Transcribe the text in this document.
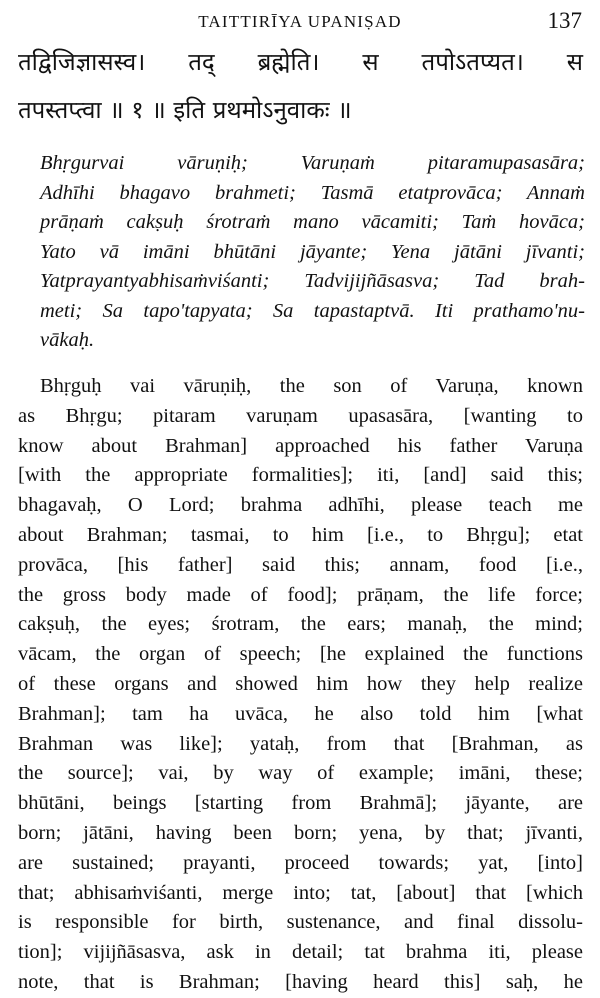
TAITTIRĪYA UPANIṢAD	137
तद्विजिज्ञासस्व। तद् ब्रह्मेति। स तपोऽतप्यत। स
तपस्तप्त्वा ॥ १ ॥ इति प्रथमोऽनुवाकः ॥
Bhṛgurvai vāruṇiḥ; Varuṇaṁ pitaramupasasāra;
Adhīhi bhagavo brahmeti; Tasmā etatprovāca; Annaṁ
prāṇaṁ cakṣuḥ śrotraṁ mano vācamiti; Taṁ hovāca;
Yato vā imāni bhūtāni jāyante; Yena jātāni jīvanti;
Yatprayantyabhisaṁviśanti; Tadvijijñāsasva; Tad brah-
meti; Sa tapo'tapyata; Sa tapastaptvā. Iti prathamo'nu-
vākaḥ.
Bhṛguḥ vai vāruṇiḥ, the son of Varuṇa, known
as Bhṛgu; pitaram varuṇam upasasāra, [wanting to
know about Brahman] approached his father Varuṇa
[with the appropriate formalities]; iti, [and] said this;
bhagavaḥ, O Lord; brahma adhīhi, please teach me
about Brahman; tasmai, to him [i.e., to Bhṛgu]; etat
provāca, [his father] said this; annam, food [i.e.,
the gross body made of food]; prāṇam, the life force;
cakṣuḥ, the eyes; śrotram, the ears; manaḥ, the mind;
vācam, the organ of speech; [he explained the functions
of these organs and showed him how they help realize
Brahman]; tam ha uvāca, he also told him [what
Brahman was like]; yataḥ, from that [Brahman, as
the source]; vai, by way of example; imāni, these;
bhūtāni, beings [starting from Brahmā]; jāyante, are
born; jātāni, having been born; yena, by that; jīvanti,
are sustained; prayanti, proceed towards; yat, [into]
that; abhisaṁviśanti, merge into; tat, [about] that [which
is responsible for birth, sustenance, and final dissolu-
tion]; vijijñāsasva, ask in detail; tat brahma iti, please
note, that is Brahman; [having heard this] saḥ, he
